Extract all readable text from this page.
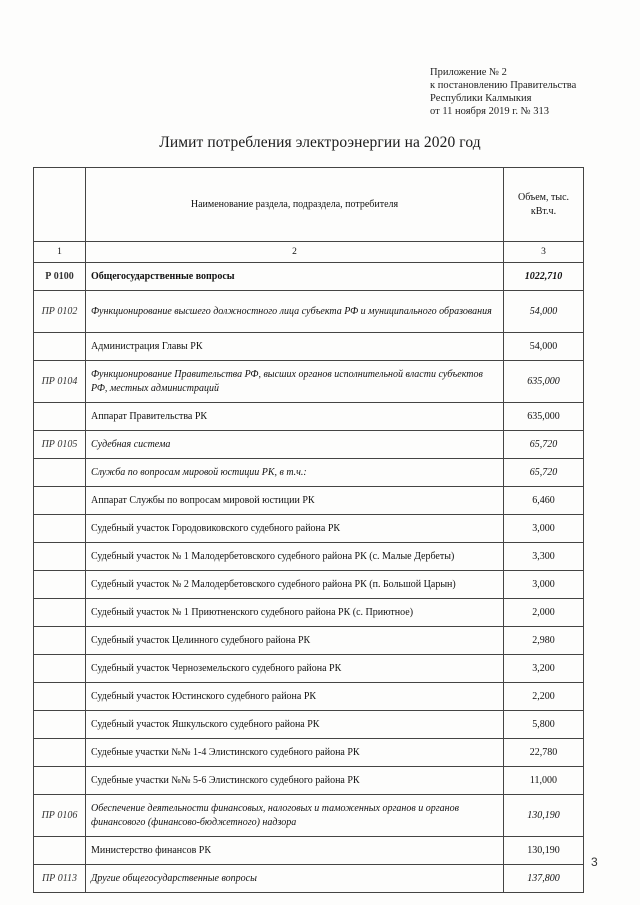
Приложение № 2
к постановлению Правительства
Республики Калмыкия
от 11 ноября 2019 г. № 313
Лимит потребления электроэнергии на 2020 год
	Наименование раздела, подраздела, потребителя	Объем, тыс.
кВт.ч.

1	2	3
Р 0100	Общегосударственные вопросы	1022,710
ПР 0102	Функционирование высшего должностного лица субъекта РФ и муниципального образования	54,000
	Администрация Главы РК	54,000
ПР 0104	Функционирование Правительства РФ, высших органов исполнительной власти субъектов РФ, местных администраций	635,000
	Аппарат Правительства РК	635,000
ПР 0105	Судебная система	65,720
	Служба по вопросам мировой юстиции РК, в т.ч.:	65,720
	Аппарат Службы по вопросам мировой юстиции РК	6,460
	Судебный участок Городовиковского судебного района РК	3,000
	Судебный участок № 1 Малодербетовского судебного района РК (с. Малые Дербеты)	3,300
	Судебный участок № 2 Малодербетовского судебного района РК (п. Большой Царын)	3,000
	Судебный участок № 1 Приютненского судебного района РК (с. Приютное)	2,000
	Судебный участок Целинного судебного района РК	2,980
	Судебный участок Черноземельского судебного района РК	3,200
	Судебный участок Юстинского судебного района РК	2,200
	Судебный участок Яшкульского судебного района РК	5,800
	Судебные участки №№ 1-4 Элистинского судебного района РК	22,780
	Судебные участки №№ 5-6 Элистинского судебного района РК	11,000
ПР 0106	Обеспечение деятельности финансовых, налоговых и таможенных органов и органов финансового (финансово-бюджетного) надзора	130,190
	Министерство финансов РК	130,190
ПР 0113	Другие общегосударственные вопросы	137,800
3
